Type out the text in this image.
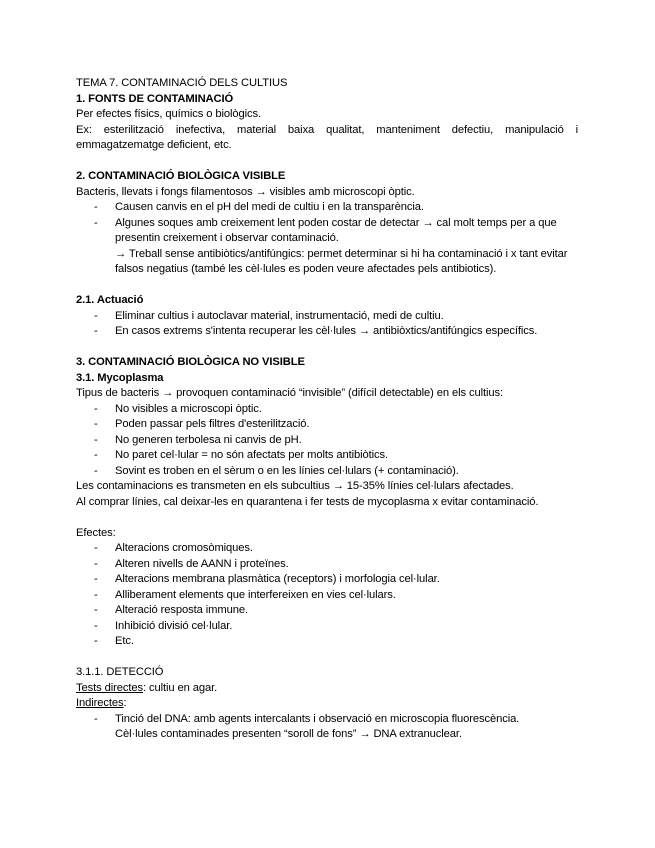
TEMA 7. CONTAMINACIÓ DELS CULTIUS

1. FONTS DE CONTAMINACIÓ

Per efectes físics, químics o biològics.

Ex: esterilització inefectiva, material baixa qualitat, manteniment defectiu, manipulació i emmagatzematge deficient, etc.

2. CONTAMINACIÓ BIOLÒGICA VISIBLE

Bacteris, llevats i fongs filamentosos → visibles amb microscopi òptic.

- Causen canvis en el pH del medi de cultiu i en la transparència.
- Algunes soques amb creixement lent poden costar de detectar → cal molt temps per a que presentin creixement i observar contaminació.

→ Treball sense antibiòtics/antifúngics: permet determinar si hi ha contaminació i x tant evitar falsos negatius (també les cèl·lules es poden veure afectades pels antibiotics).

2.1. Actuació

- Eliminar cultius i autoclavar material, instrumentació, medi de cultiu.
- En casos extrems s'intenta recuperar les cèl·lules → antibiòxtics/antifúngics específics.

3. CONTAMINACIÓ BIOLÒGICA NO VISIBLE

3.1. Mycoplasma

Tipus de bacteris → provoquen contaminació “invisible” (difícil detectable) en els cultius:

- No visibles a microscopi òptic.
- Poden passar pels filtres d'esterilització.
- No generen terbolesa ni canvis de pH.
- No paret cel·lular = no són afectats per molts antibiòtics.
- Sovint es troben en el sèrum o en les línies cel·lulars (+ contaminació).

Les contaminacions es transmeten en els subcultius → 15-35% línies cel·lulars afectades.

Al comprar línies, cal deixar-les en quarantena i fer tests de mycoplasma x evitar contaminació.

Efectes:

- Alteracions cromosòmiques.
- Alteren nivells de AANN i proteïnes.
- Alteracions membrana plasmàtica (receptors) i morfologia cel·lular.
- Alliberament elements que interfereixen en vies cel·lulars.
- Alteració resposta immune.
- Inhibició divisió cel·lular.
- Etc.

3.1.1. DETECCIÓ

Tests directes: cultiu en agar.

Indirectes:

- Tinció del DNA: amb agents intercalants i observació en microscopia fluorescència.

Cèl·lules contaminades presenten “soroll de fons” → DNA extranuclear.
